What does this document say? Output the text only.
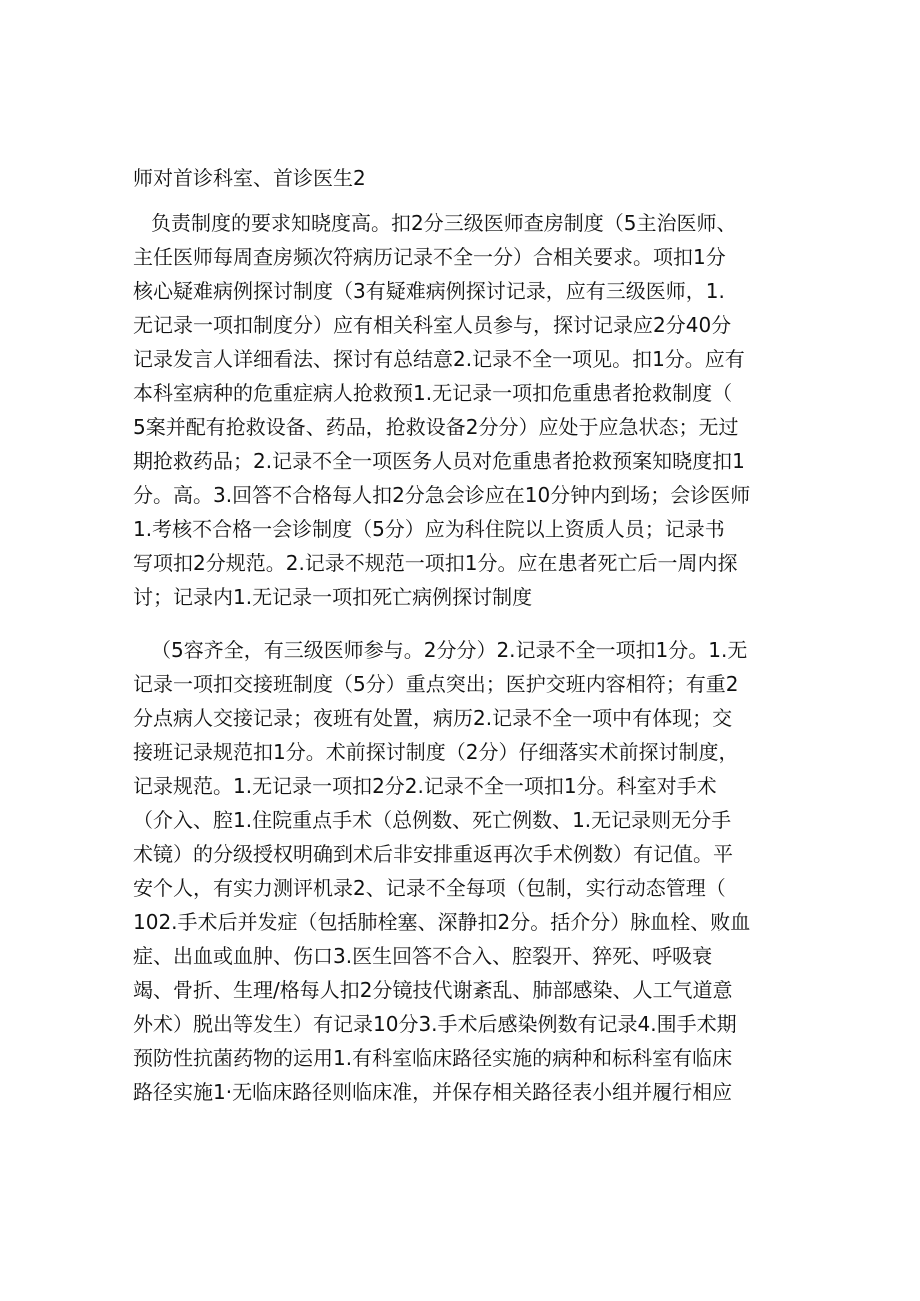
师对首诊科室、首诊医生2
负责制度的要求知晓度高。扣2分三级医师查房制度（5主治医师、
主任医师每周查房频次符病历记录不全一分）合相关要求。项扣1分
核心疑难病例探讨制度（3有疑难病例探讨记录，应有三级医师，1.
无记录一项扣制度分）应有相关科室人员参与，探讨记录应2分40分
记录发言人详细看法、探讨有总结意2.记录不全一项见。扣1分。应有
本科室病种的危重症病人抢救预1.无记录一项扣危重患者抢救制度（
5案并配有抢救设备、药品，抢救设备2分分）应处于应急状态；无过
期抢救药品；2.记录不全一项医务人员对危重患者抢救预案知晓度扣1
分。高。3.回答不合格每人扣2分急会诊应在10分钟内到场；会诊医师
1.考核不合格一会诊制度（5分）应为科住院以上资质人员；记录书
写项扣2分规范。2.记录不规范一项扣1分。应在患者死亡后一周内探
讨；记录内1.无记录一项扣死亡病例探讨制度
（5容齐全，有三级医师参与。2分分）2.记录不全一项扣1分。1.无
记录一项扣交接班制度（5分）重点突出；医护交班内容相符；有重2
分点病人交接记录；夜班有处置，病历2.记录不全一项中有体现；交
接班记录规范扣1分。术前探讨制度（2分）仔细落实术前探讨制度，
记录规范。1.无记录一项扣2分2.记录不全一项扣1分。科室对手术
（介入、腔1.住院重点手术（总例数、死亡例数、1.无记录则无分手
术镜）的分级授权明确到术后非安排重返再次手术例数）有记值。平
安个人，有实力测评机录2、记录不全每项（包制，实行动态管理（
102.手术后并发症（包括肺栓塞、深静扣2分。括介分）脉血栓、败血
症、出血或血肿、伤口3.医生回答不合入、腔裂开、猝死、呼吸衰
竭、骨折、生理/格每人扣2分镜技代谢紊乱、肺部感染、人工气道意
外术）脱出等发生）有记录10分3.手术后感染例数有记录4.围手术期
预防性抗菌药物的运用1.有科室临床路径实施的病种和标科室有临床
路径实施1·无临床路径则临床准，并保存相关路径表小组并履行相应
